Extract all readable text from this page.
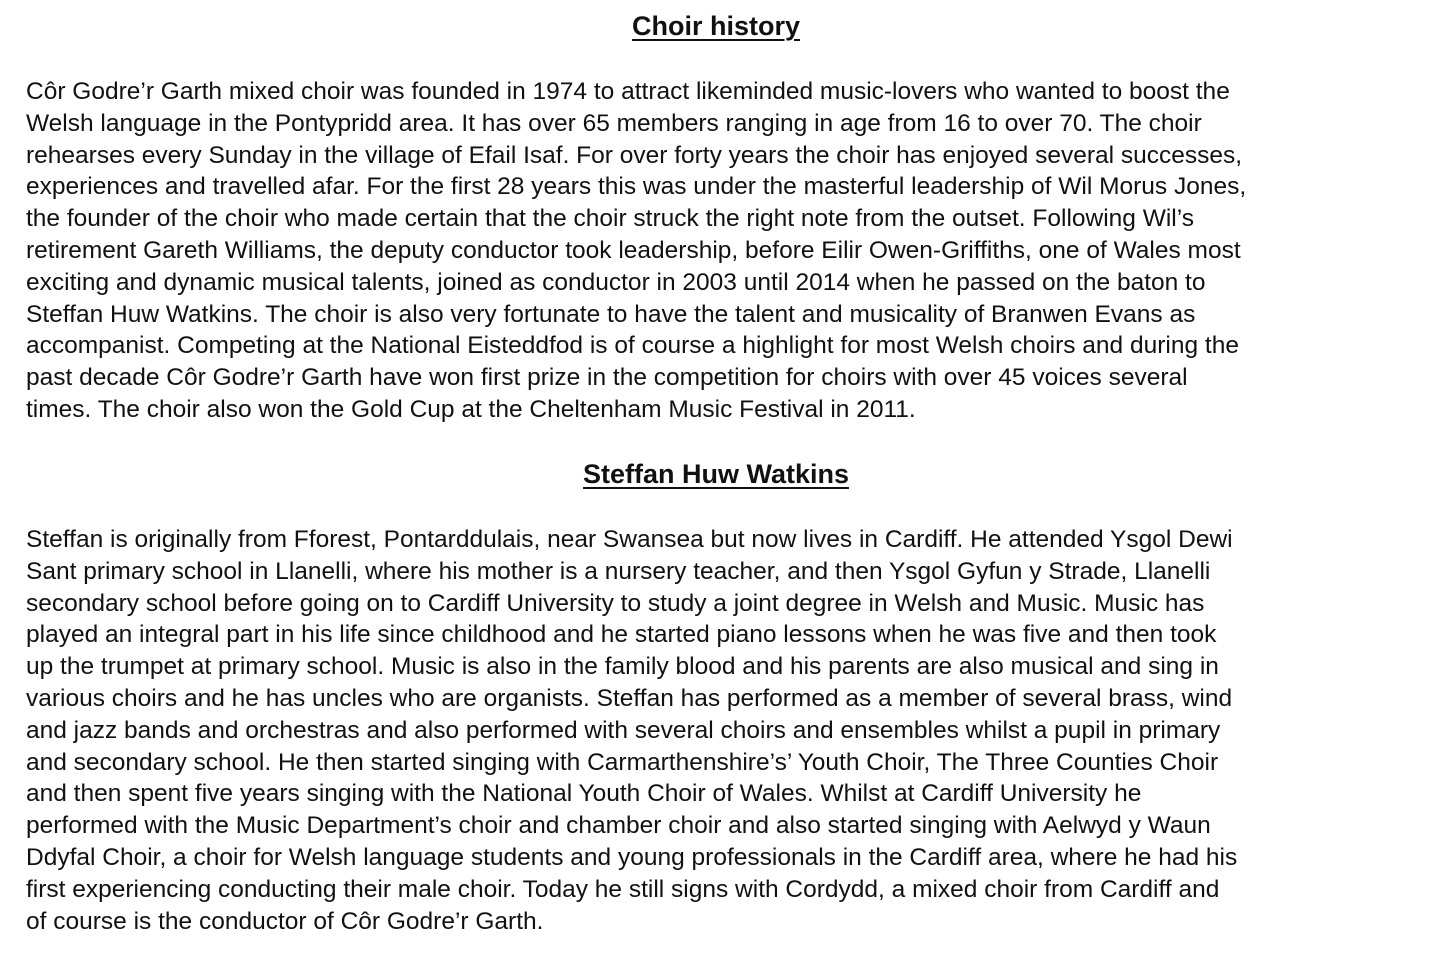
Choir history

Côr Godre’r Garth mixed choir was founded in 1974 to attract likeminded music-lovers who wanted to boost the
Welsh language in the Pontypridd area. It has over 65 members ranging in age from 16 to over 70. The choir
rehearses every Sunday in the village of Efail Isaf. For over forty years the choir has enjoyed several successes,
experiences and travelled afar. For the first 28 years this was under the masterful leadership of Wil Morus Jones,
the founder of the choir who made certain that the choir struck the right note from the outset. Following Wil’s
retirement Gareth Williams, the deputy conductor took leadership, before Eilir Owen-Griffiths, one of Wales most
exciting and dynamic musical talents, joined as conductor in 2003 until 2014 when he passed on the baton to
Steffan Huw Watkins. The choir is also very fortunate to have the talent and musicality of Branwen Evans as
accompanist. Competing at the National Eisteddfod is of course a highlight for most Welsh choirs and during the
past decade Côr Godre’r Garth have won first prize in the competition for choirs with over 45 voices several
times. The choir also won the Gold Cup at the Cheltenham Music Festival in 2011.

Steffan Huw Watkins

Steffan is originally from Fforest, Pontarddulais, near Swansea but now lives in Cardiff. He attended Ysgol Dewi
Sant primary school in Llanelli, where his mother is a nursery teacher, and then Ysgol Gyfun y Strade, Llanelli
secondary school before going on to Cardiff University to study a joint degree in Welsh and Music. Music has
played an integral part in his life since childhood and he started piano lessons when he was five and then took
up the trumpet at primary school. Music is also in the family blood and his parents are also musical and sing in
various choirs and he has uncles who are organists. Steffan has performed as a member of several brass, wind
and jazz bands and orchestras and also performed with several choirs and ensembles whilst a pupil in primary
and secondary school. He then started singing with Carmarthenshire’s’ Youth Choir, The Three Counties Choir
and then spent five years singing with the National Youth Choir of Wales. Whilst at Cardiff University he
performed with the Music Department’s choir and chamber choir and also started singing with Aelwyd y Waun
Ddyfal Choir, a choir for Welsh language students and young professionals in the Cardiff area, where he had his
first experiencing conducting their male choir. Today he still signs with Cordydd, a mixed choir from Cardiff and
of course is the conductor of Côr Godre’r Garth.
